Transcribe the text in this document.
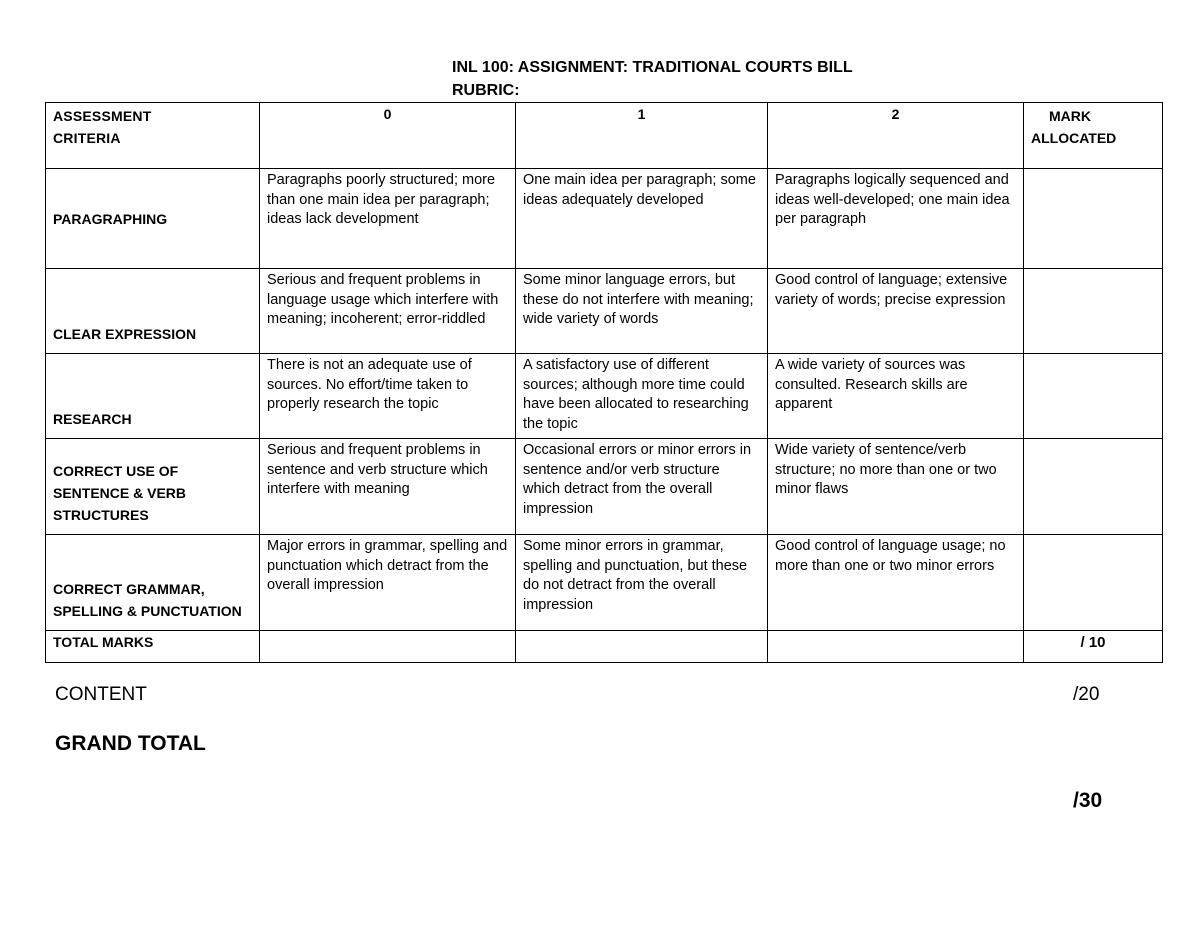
INL 100: ASSIGNMENT: TRADITIONAL COURTS BILL
RUBRIC:

ASSESSMENT
CRITERIA	0	1	2	MARK
ALLOCATED
PARAGRAPHING	Paragraphs poorly structured; more than one main idea per paragraph; ideas lack development	One main idea per paragraph; some ideas adequately developed	Paragraphs logically sequenced and ideas well-developed; one main idea per paragraph	
CLEAR EXPRESSION	Serious and frequent problems in language usage which interfere with meaning; incoherent; error-riddled	Some minor language errors, but these do not interfere with meaning; wide variety of words	Good control of language; extensive variety of words; precise expression	
RESEARCH	There is not an adequate use of sources. No effort/time taken to properly research the topic	A satisfactory use of different sources; although more time could have been allocated to researching the topic	A wide variety of sources was consulted. Research skills are apparent	
CORRECT USE OF SENTENCE & VERB STRUCTURES	Serious and frequent problems in sentence and verb structure which interfere with meaning	Occasional errors or minor errors in sentence and/or verb structure which detract from the overall impression	Wide variety of sentence/verb structure; no more than one or two minor flaws	
CORRECT GRAMMAR, SPELLING & PUNCTUATION	Major errors in grammar, spelling and punctuation which detract from the overall impression	Some minor errors in grammar, spelling and punctuation, but these do not detract from the overall impression	Good control of language usage; no more than one or two minor errors	
TOTAL MARKS				/ 10

CONTENT	/20

GRAND TOTAL

/30
